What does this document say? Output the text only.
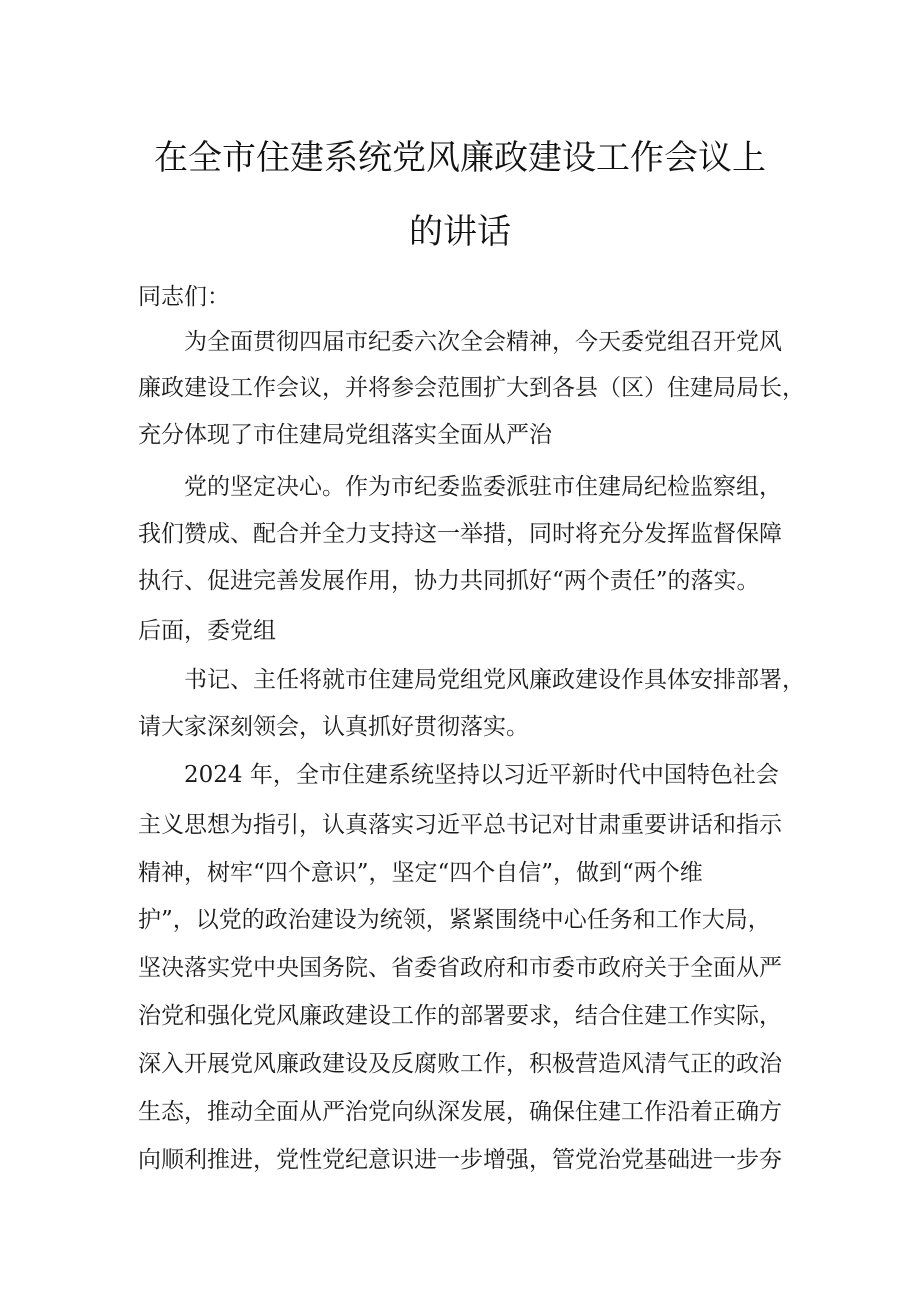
在全市住建系统党风廉政建设工作会议上
的讲话
同志们：
为全面贯彻四届市纪委六次全会精神，今天委党组召开党风
廉政建设工作会议，并将参会范围扩大到各县（区）住建局局长，
充分体现了市住建局党组落实全面从严治
党的坚定决心。作为市纪委监委派驻市住建局纪检监察组，
我们赞成、配合并全力支持这一举措，同时将充分发挥监督保障
执行、促进完善发展作用，协力共同抓好“两个责任”的落实。
后面，委党组
书记、主任将就市住建局党组党风廉政建设作具体安排部署，
请大家深刻领会，认真抓好贯彻落实。
2024 年，全市住建系统坚持以习近平新时代中国特色社会
主义思想为指引，认真落实习近平总书记对甘肃重要讲话和指示
精神，树牢“四个意识”，坚定“四个自信”，做到“两个维
护”，以党的政治建设为统领，紧紧围绕中心任务和工作大局，
坚决落实党中央国务院、省委省政府和市委市政府关于全面从严
治党和强化党风廉政建设工作的部署要求，结合住建工作实际，
深入开展党风廉政建设及反腐败工作，积极营造风清气正的政治
生态，推动全面从严治党向纵深发展，确保住建工作沿着正确方
向顺利推进，党性党纪意识进一步增强，管党治党基础进一步夯
